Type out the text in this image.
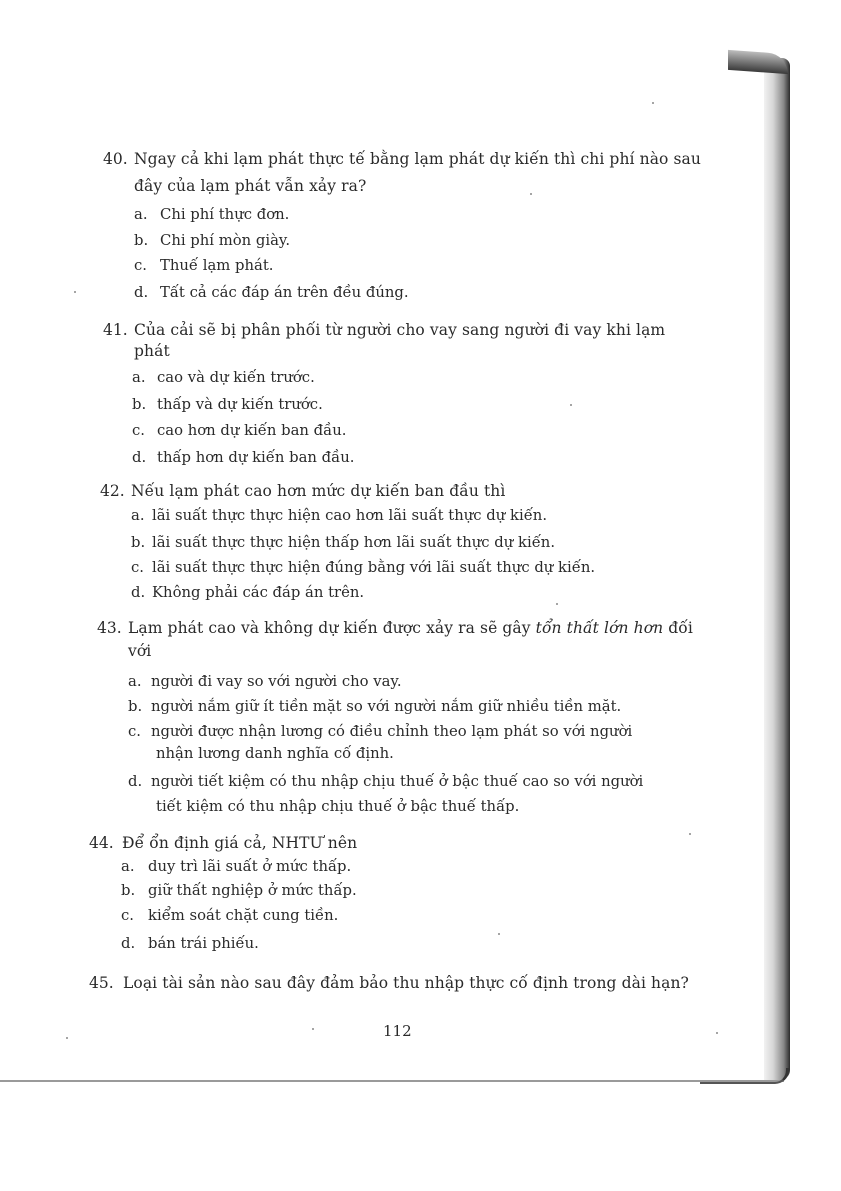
40. Ngay cả khi lạm phát thực tế bằng lạm phát dự kiến thì chi phí nào sau
đây của lạm phát vẫn xảy ra?
a. Chi phí thực đơn.
b. Chi phí mòn giày.
c. Thuế lạm phát.
d. Tất cả các đáp án trên đều đúng.
41. Của cải sẽ bị phân phối từ người cho vay sang người đi vay khi lạm
phát
a. cao và dự kiến trước.
b. thấp và dự kiến trước.
c. cao hơn dự kiến ban đầu.
d. thấp hơn dự kiến ban đầu.
42. Nếu lạm phát cao hơn mức dự kiến ban đầu thì
a. lãi suất thực thực hiện cao hơn lãi suất thực dự kiến.
b. lãi suất thực thực hiện thấp hơn lãi suất thực dự kiến.
c. lãi suất thực thực hiện đúng bằng với lãi suất thực dự kiến.
d. Không phải các đáp án trên.
43. Lạm phát cao và không dự kiến được xảy ra sẽ gây tổn thất lớn hơn đối
với
a. người đi vay so với người cho vay.
b. người nắm giữ ít tiền mặt so với người nắm giữ nhiều tiền mặt.
c. người được nhận lương có điều chỉnh theo lạm phát so với người
nhận lương danh nghĩa cố định.
d. người tiết kiệm có thu nhập chịu thuế ở bậc thuế cao so với người
tiết kiệm có thu nhập chịu thuế ở bậc thuế thấp.
44. Để ổn định giá cả, NHTƯ nên
a. duy trì lãi suất ở mức thấp.
b. giữ thất nghiệp ở mức thấp.
c. kiểm soát chặt cung tiền.
d. bán trái phiếu.
45. Loại tài sản nào sau đây đảm bảo thu nhập thực cố định trong dài hạn?
112
